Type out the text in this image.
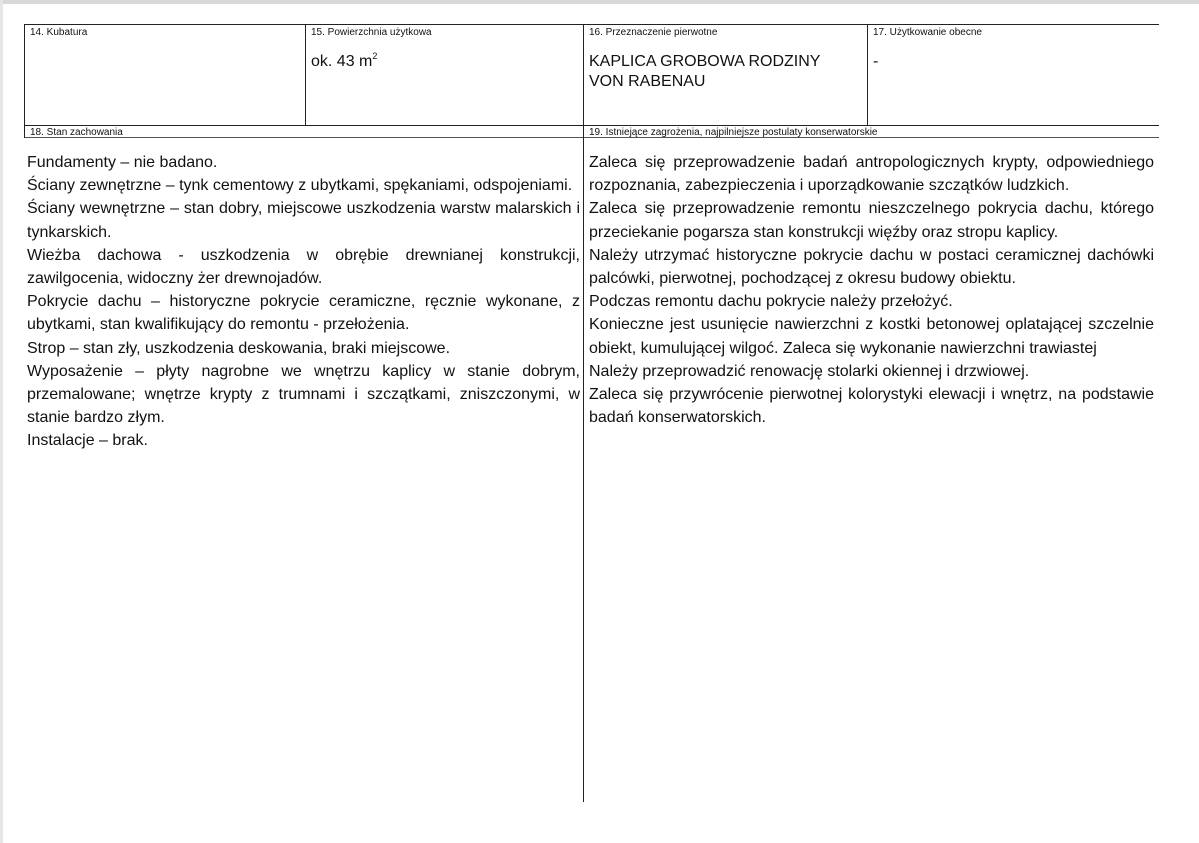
14. Kubatura	15. Powierzchnia użytkowa
ok. 43 $m^2$
16. Przeznaczenie pierwotne
KAPLICA GROBOWA RODZINY VON RABENAU
17. Użytkowanie obecne
-
18. Stan zachowania	19. Istniejące zagrożenia, najpilniejsze postulaty konserwatorskie

Fundamenty – nie badano.

Ściany zewnętrzne – tynk cementowy z ubytkami, spękaniami, odspojeniami.

Ściany wewnętrzne – stan dobry, miejscowe uszkodzenia warstw malarskich i tynkarskich.

Wieżba dachowa - uszkodzenia w obrębie drewnianej konstrukcji, zawilgocenia, widoczny żer drewnojadów.

Pokrycie dachu – historyczne pokrycie ceramiczne, ręcznie wykonane, z ubytkami, stan kwalifikujący do remontu - przełożenia.

Strop – stan zły, uszkodzenia deskowania, braki miejscowe.

Wyposażenie – płyty nagrobne we wnętrzu kaplicy w stanie dobrym, przemalowane; wnętrze krypty z trumnami i szczątkami, zniszczonymi, w stanie bardzo złym.

Instalacje – brak.

Zaleca się przeprowadzenie badań antropologicznych krypty, odpowiedniego rozpoznania, zabezpieczenia i uporządkowanie szczątków ludzkich.

Zaleca się przeprowadzenie remontu nieszczelnego pokrycia dachu, którego przeciekanie pogarsza stan konstrukcji więźby oraz stropu kaplicy.

Należy utrzymać historyczne pokrycie dachu w postaci ceramicznej dachówki palcówki, pierwotnej, pochodzącej z okresu budowy obiektu.

Podczas remontu dachu pokrycie należy przełożyć.

Konieczne jest usunięcie nawierzchni z kostki betonowej oplatającej szczelnie obiekt, kumulującej wilgoć. Zaleca się wykonanie nawierzchni trawiastej

Należy przeprowadzić renowację stolarki okiennej i drzwiowej.

Zaleca się przywrócenie pierwotnej kolorystyki elewacji i wnętrz, na podstawie badań konserwatorskich.
